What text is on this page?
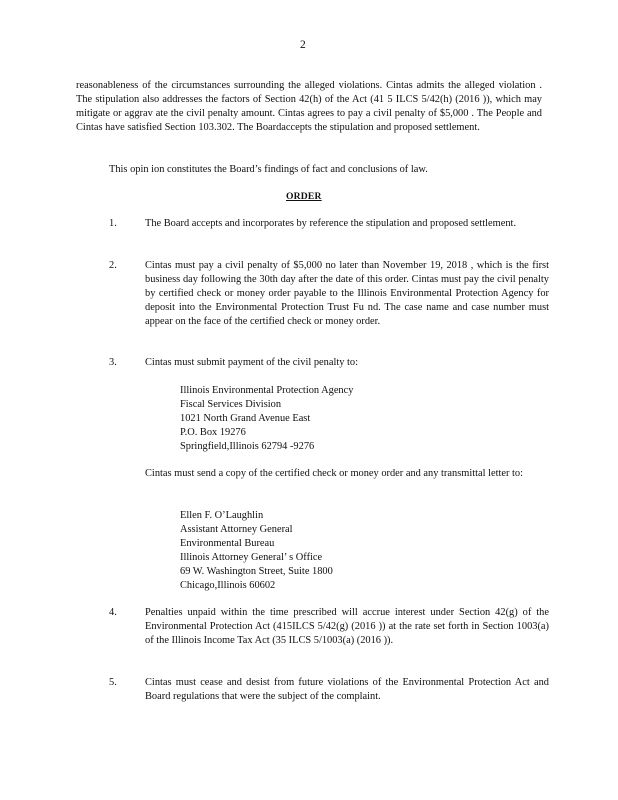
2

reasonableness of the circumstances surrounding the alleged violations. Cintas admits the alleged violation . The stipulation also addresses the factors of Section 42(h) of the Act (41 5 ILCS 5/42(h) (2016 )), which may mitigate or aggrav ate the civil penalty amount. Cintas agrees to pay a civil penalty of $5,000 . The People and Cintas have satisfied Section 103.302. The Boardaccepts the stipulation and proposed settlement.

This opin ion constitutes the Board’s findings of fact and conclusions of law.

ORDER
1.	The Board accepts and incorporates by reference the stipulation and proposed settlement.
2.	Cintas must pay a civil penalty of $5,000 no later than November 19, 2018 , which is the first business day following the 30th day after the date of this order. Cintas must pay the civil penalty by certified check or money order payable to the Illinois Environmental Protection Agency for deposit into the Environmental Protection Trust Fu nd. The case name and case number must appear on the face of the certified check or money order.
3.	Cintas must submit payment of the civil penalty to:
Illinois Environmental Protection Agency
Fiscal Services Division
1021 North Grand Avenue East
P.O. Box 19276
Springfield,Illinois 62794 -9276

Cintas must send a copy of the certified check or money order and any transmittal letter to:

Ellen F. O’Laughlin
Assistant Attorney General
Environmental Bureau
Illinois Attorney General’ s Office
69 W. Washington Street, Suite 1800
Chicago,Illinois 60602
4.	Penalties unpaid within the time prescribed will accrue interest under Section 42(g) of the Environmental Protection Act (415ILCS 5/42(g) (2016 )) at the rate set forth in Section 1003(a) of the Illinois Income Tax Act (35 ILCS 5/1003(a) (2016 )).
5.	Cintas must cease and desist from future violations of the Environmental Protection Act and Board regulations that were the subject of the complaint.
